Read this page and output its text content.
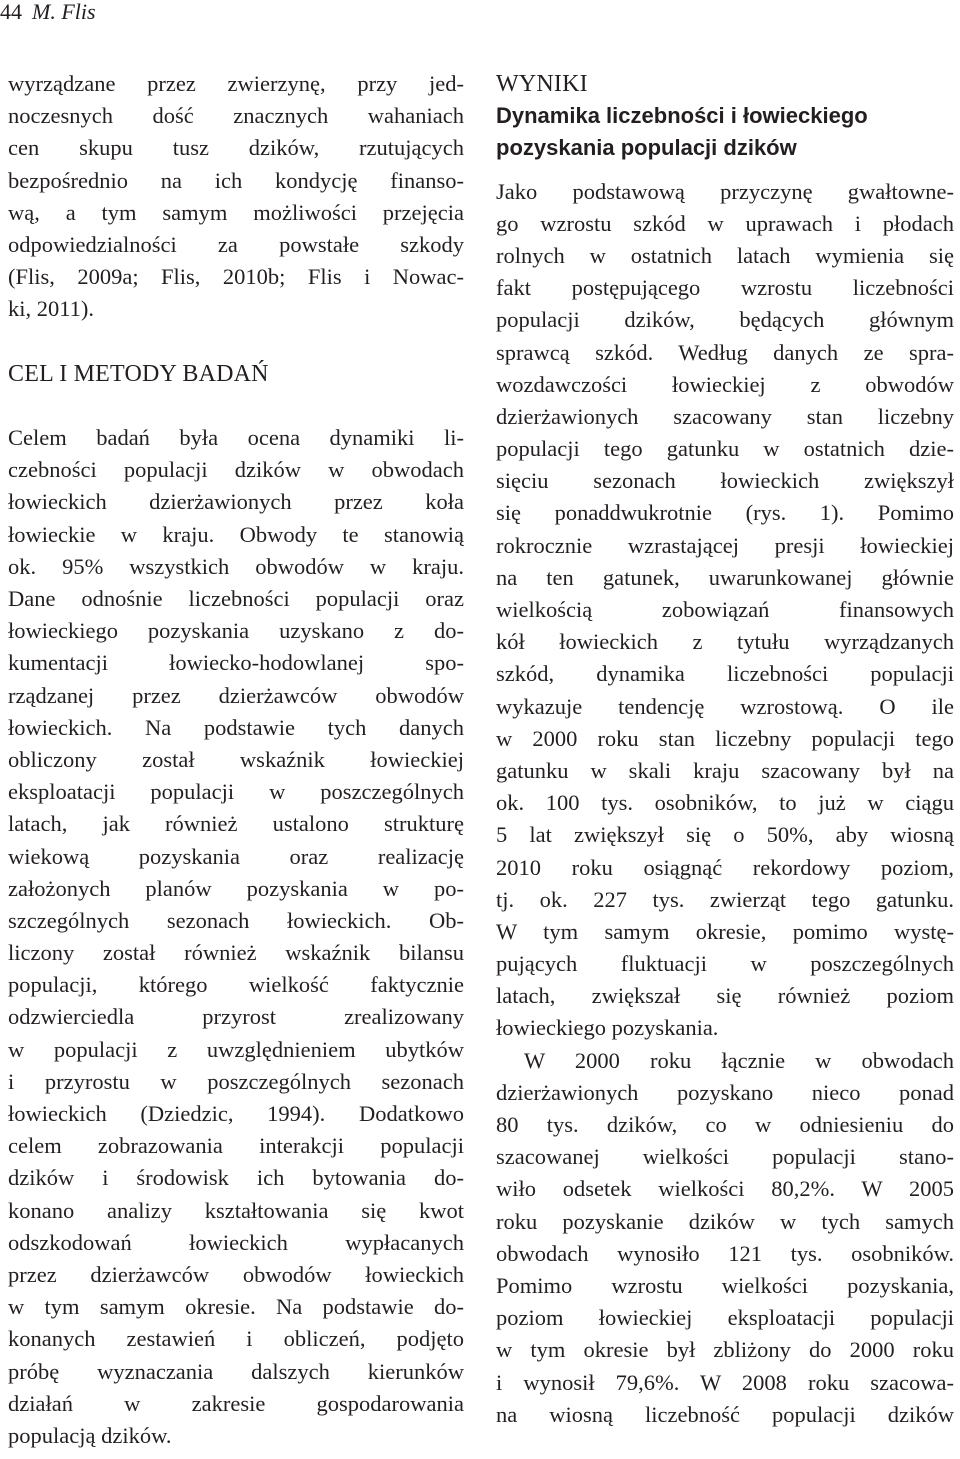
44 M. Flis
wyrządzane przez zwierzynę, przy jed-
noczesnych dość znacznych wahaniach
cen skupu tusz dzików, rzutujących
bezpośrednio na ich kondycję finanso-
wą, a tym samym możliwości przejęcia
odpowiedzialności za powstałe szkody
(Flis, 2009a; Flis, 2010b; Flis i Nowac-
ki, 2011).
CEL I METODY BADAŃ
Celem badań była ocena dynamiki li-
czebności populacji dzików w obwodach
łowieckich dzierżawionych przez koła
łowieckie w kraju. Obwody te stanowią
ok. 95% wszystkich obwodów w kraju.
Dane odnośnie liczebności populacji oraz
łowieckiego pozyskania uzyskano z do-
kumentacji łowiecko-hodowlanej spo-
rządzanej przez dzierżawców obwodów
łowieckich. Na podstawie tych danych
obliczony został wskaźnik łowieckiej
eksploatacji populacji w poszczególnych
latach, jak również ustalono strukturę
wiekową pozyskania oraz realizację
założonych planów pozyskania w po-
szczególnych sezonach łowieckich. Ob-
liczony został również wskaźnik bilansu
populacji, którego wielkość faktycznie
odzwierciedla przyrost zrealizowany
w populacji z uwzględnieniem ubytków
i przyrostu w poszczególnych sezonach
łowieckich (Dziedzic, 1994). Dodatkowo
celem zobrazowania interakcji populacji
dzików i środowisk ich bytowania do-
konano analizy kształtowania się kwot
odszkodowań łowieckich wypłacanych
przez dzierżawców obwodów łowieckich
w tym samym okresie. Na podstawie do-
konanych zestawień i obliczeń, podjęto
próbę wyznaczania dalszych kierunków
działań w zakresie gospodarowania
populacją dzików.
WYNIKI
Dynamika liczebności i łowieckiego
pozyskania populacji dzików
Jako podstawową przyczynę gwałtowne-
go wzrostu szkód w uprawach i płodach
rolnych w ostatnich latach wymienia się
fakt postępującego wzrostu liczebności
populacji dzików, będących głównym
sprawcą szkód. Według danych ze spra-
wozdawczości łowieckiej z obwodów
dzierżawionych szacowany stan liczebny
populacji tego gatunku w ostatnich dzie-
sięciu sezonach łowieckich zwiększył
się ponaddwukrotnie (rys. 1). Pomimo
rokrocznie wzrastającej presji łowieckiej
na ten gatunek, uwarunkowanej głównie
wielkością zobowiązań finansowych
kół łowieckich z tytułu wyrządzanych
szkód, dynamika liczebności populacji
wykazuje tendencję wzrostową. O ile
w 2000 roku stan liczebny populacji tego
gatunku w skali kraju szacowany był na
ok. 100 tys. osobników, to już w ciągu
5 lat zwiększył się o 50%, aby wiosną
2010 roku osiągnąć rekordowy poziom,
tj. ok. 227 tys. zwierząt tego gatunku.
W tym samym okresie, pomimo wystę-
pujących fluktuacji w poszczególnych
latach, zwiększał się również poziom
łowieckiego pozyskania.
W 2000 roku łącznie w obwodach
dzierżawionych pozyskano nieco ponad
80 tys. dzików, co w odniesieniu do
szacowanej wielkości populacji stano-
wiło odsetek wielkości 80,2%. W 2005
roku pozyskanie dzików w tych samych
obwodach wynosiło 121 tys. osobników.
Pomimo wzrostu wielkości pozyskania,
poziom łowieckiej eksploatacji populacji
w tym okresie był zbliżony do 2000 roku
i wynosił 79,6%. W 2008 roku szacowa-
na wiosną liczebność populacji dzików
